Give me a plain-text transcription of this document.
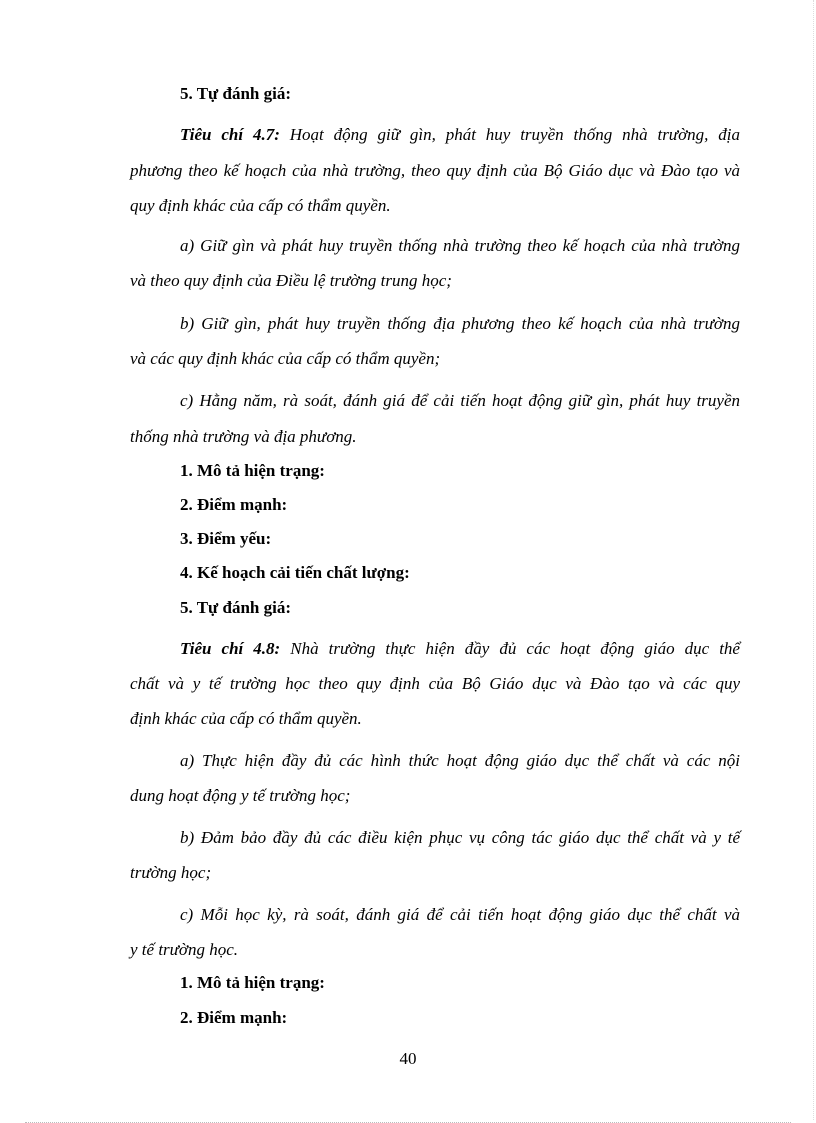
5. Tự đánh giá:
Tiêu chí 4.7: Hoạt động giữ gìn, phát huy truyền thống nhà trường, địa
phương theo kế hoạch của nhà trường, theo quy định của Bộ Giáo dục và Đào tạo và
quy định khác của cấp có thẩm quyền.
a) Giữ gìn và phát huy truyền thống nhà trường theo kế hoạch của nhà trường
và theo quy định của Điều lệ trường trung học;
b) Giữ gìn, phát huy truyền thống địa phương theo kế hoạch của nhà trường
và các quy định khác của cấp có thẩm quyền;
c) Hằng năm, rà soát, đánh giá để cải tiến hoạt động giữ gìn, phát huy truyền
thống nhà trường và địa phương.
1. Mô tả hiện trạng:
2. Điểm mạnh:
3. Điểm yếu:
4. Kế hoạch cải tiến chất lượng:
5. Tự đánh giá:
Tiêu chí 4.8: Nhà trường thực hiện đầy đủ các hoạt động giáo dục thể
chất và y tế trường học theo quy định của Bộ Giáo dục và Đào tạo và các quy
định khác của cấp có thẩm quyền.
a) Thực hiện đầy đủ các hình thức hoạt động giáo dục thể chất và các nội
dung hoạt động y tế trường học;
b) Đảm bảo đầy đủ các điều kiện phục vụ công tác giáo dục thể chất và y tế
trường học;
c) Mỗi học kỳ, rà soát, đánh giá để cải tiến hoạt động giáo dục thể chất và
y tế trường học.
1. Mô tả hiện trạng:
2. Điểm mạnh:
40
